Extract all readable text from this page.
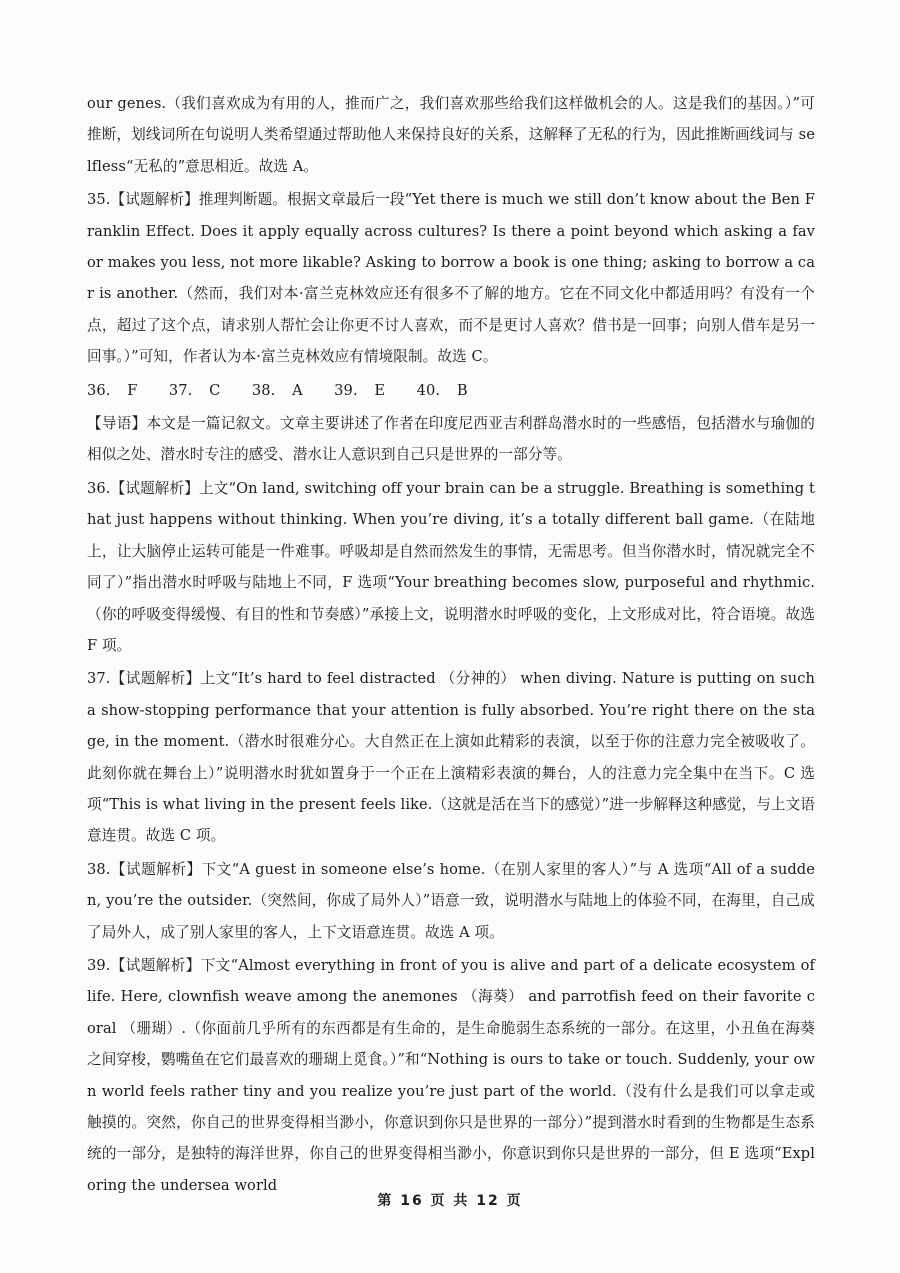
our genes.（我们喜欢成为有用的人，推而广之，我们喜欢那些给我们这样做机会的人。这是我们的基因。）”可推断，划线词所在句说明人类希望通过帮助他人来保持良好的关系，这解释了无私的行为，因此推断画线词与 selfless“无私的”意思相近。故选 A。

35.【试题解析】推理判断题。根据文章最后一段“Yet there is much we still don’t know about the Ben Franklin Effect. Does it apply equally across cultures? Is there a point beyond which asking a favor makes you less, not more likable? Asking to borrow a book is one thing; asking to borrow a car is another.（然而，我们对本·富兰克林效应还有很多不了解的地方。它在不同文化中都适用吗？有没有一个点，超过了这个点，请求别人帮忙会让你更不讨人喜欢，而不是更讨人喜欢？借书是一回事；向别人借车是另一回事。）”可知，作者认为本·富兰克林效应有情境限制。故选 C。

36. F　 37. C　 38. A　 39. E　 40. B

【导语】本文是一篇记叙文。文章主要讲述了作者在印度尼西亚吉利群岛潜水时的一些感悟，包括潜水与瑜伽的相似之处、潜水时专注的感受、潜水让人意识到自己只是世界的一部分等。

36.【试题解析】上文“On land, switching off your brain can be a struggle. Breathing is something that just happens without thinking. When you’re diving, it’s a totally different ball game.（在陆地上，让大脑停止运转可能是一件难事。呼吸却是自然而然发生的事情，无需思考。但当你潜水时，情况就完全不同了）”指出潜水时呼吸与陆地上不同，F 选项“Your breathing becomes slow, purposeful and rhythmic.（你的呼吸变得缓慢、有目的性和节奏感）”承接上文，说明潜水时呼吸的变化，上文形成对比，符合语境。故选 F 项。

37.【试题解析】上文“It’s hard to feel distracted （分神的） when diving. Nature is putting on such a show-stopping performance that your attention is fully absorbed. You’re right there on the stage, in the moment.（潜水时很难分心。大自然正在上演如此精彩的表演，以至于你的注意力完全被吸收了。此刻你就在舞台上）”说明潜水时犹如置身于一个正在上演精彩表演的舞台，人的注意力完全集中在当下。C 选项“This is what living in the present feels like.（这就是活在当下的感觉）”进一步解释这种感觉，与上文语意连贯。故选 C 项。

38.【试题解析】下文“A guest in someone else’s home.（在别人家里的客人）”与 A 选项“All of a sudden, you’re the outsider.（突然间，你成了局外人）”语意一致，说明潜水与陆地上的体验不同，在海里，自己成了局外人，成了别人家里的客人，上下文语意连贯。故选 A 项。

39.【试题解析】下文“Almost everything in front of you is alive and part of a delicate ecosystem of life. Here, clownfish weave among the anemones （海葵） and parrotfish feed on their favorite coral （珊瑚）.（你面前几乎所有的东西都是有生命的，是生命脆弱生态系统的一部分。在这里，小丑鱼在海葵之间穿梭，鹦嘴鱼在它们最喜欢的珊瑚上觅食。）”和“Nothing is ours to take or touch. Suddenly, your own world feels rather tiny and you realize you’re just part of the world.（没有什么是我们可以拿走或触摸的。突然，你自己的世界变得相当渺小，你意识到你只是世界的一部分）”提到潜水时看到的生物都是生态系统的一部分，是独特的海洋世界，你自己的世界变得相当渺小，你意识到你只是世界的一部分，但 E 选项“Exploring the undersea world

第 16 页 共 12 页
